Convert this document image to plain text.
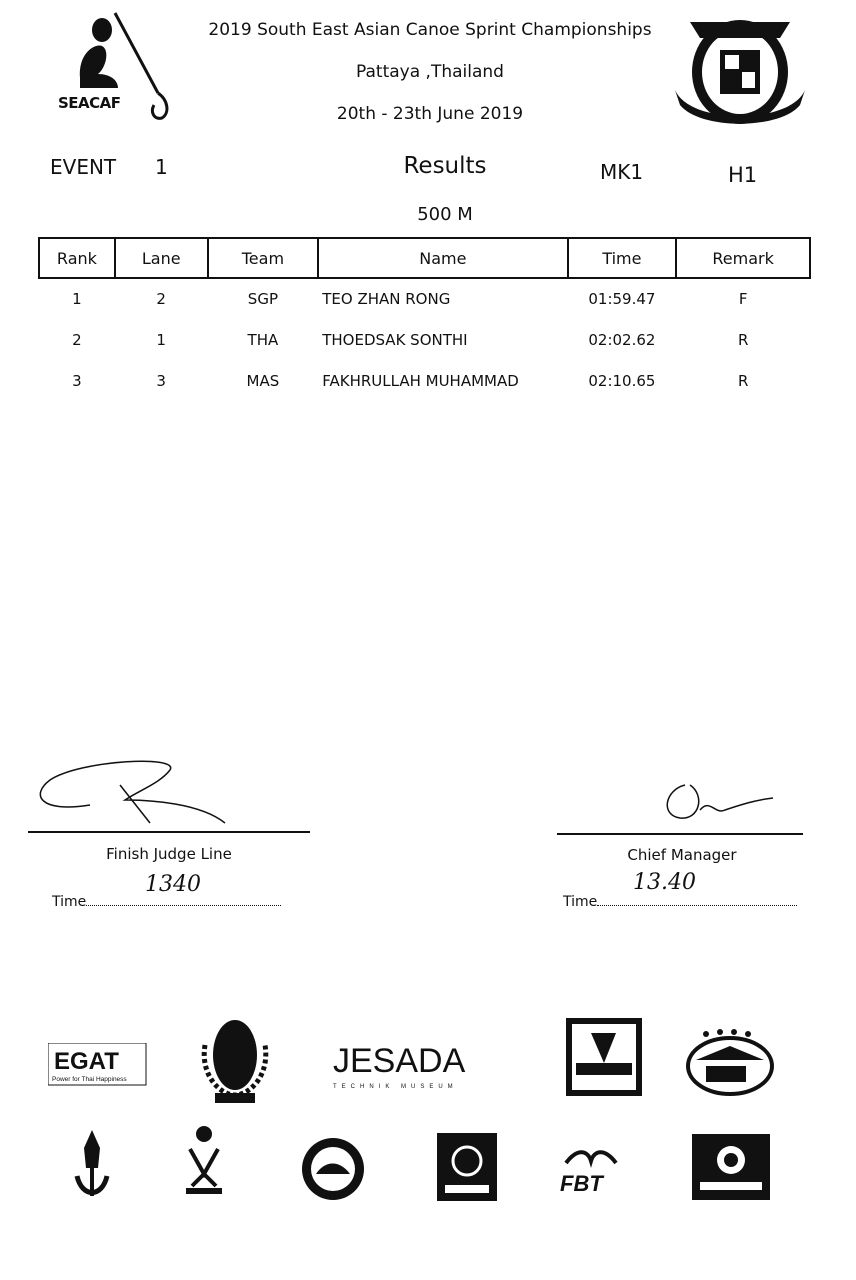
SEACAF
2019 South East Asian Canoe Sprint Championships
Pattaya ,Thailand
20th - 23th June 2019
EVENT 1	Results	MK1	H1
500 M
Rank	Lane	Team	Name	Time	Remark
1	2	SGP	TEO ZHAN RONG	01:59.47	F
2	1	THA	THOEDSAK SONTHI	02:02.62	R
3	3	MAS	FAKHRULLAH MUHAMMAD	02:10.65	R
Finish Judge Line	Chief Manager
Time
1340
Time
13.40
EGAT
Power for Thai Happiness	JESADA
TECHNIK MUSEUM
FBT
